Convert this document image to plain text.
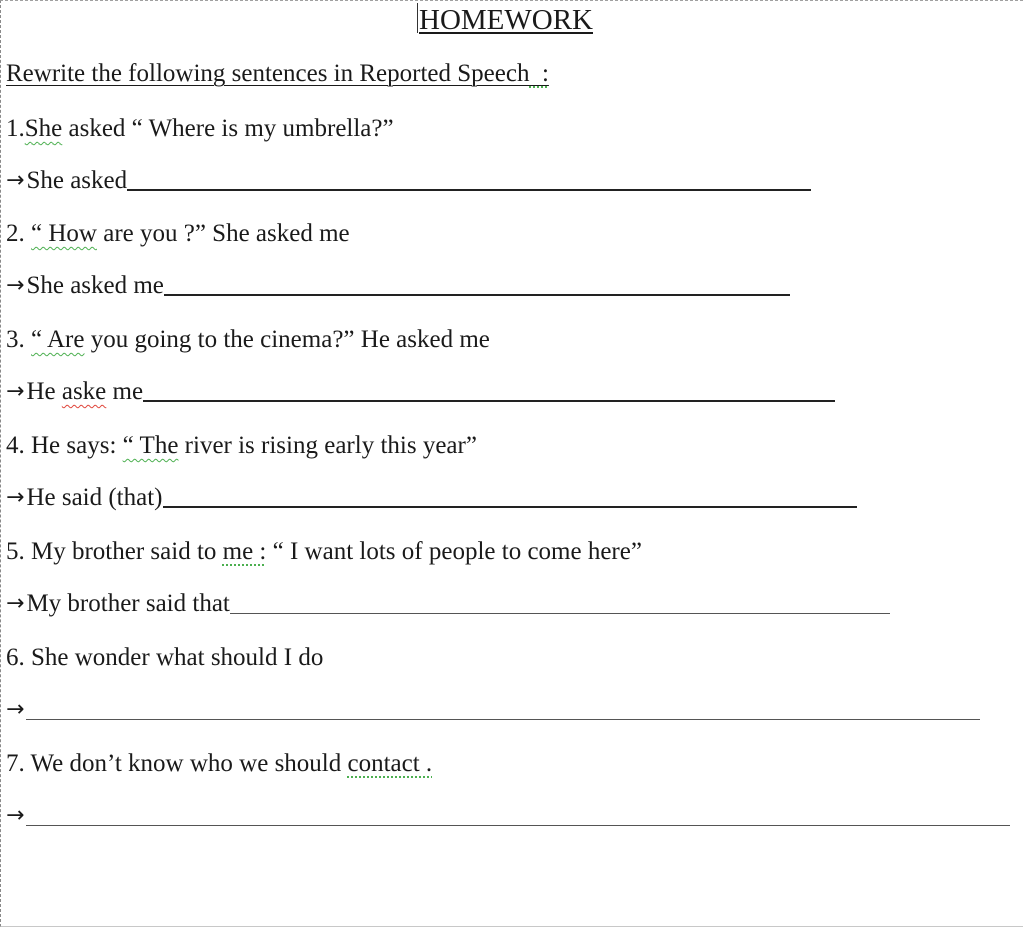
HOMEWORK
Rewrite the following sentences in Reported Speech :
1.She asked “ Where is my umbrella?”
→ She asked
2. “ How are you ?” She asked me
→ She asked me
3. “ Are you going to the cinema?” He asked me
→ He aske me
4. He says: “ The river is rising early this year”
→ He said (that)
5. My brother said to me : “ I want lots of people to come here”
→ My brother said that
6. She wonder what should I do
→
7. We don’t know who we should contact .
→
